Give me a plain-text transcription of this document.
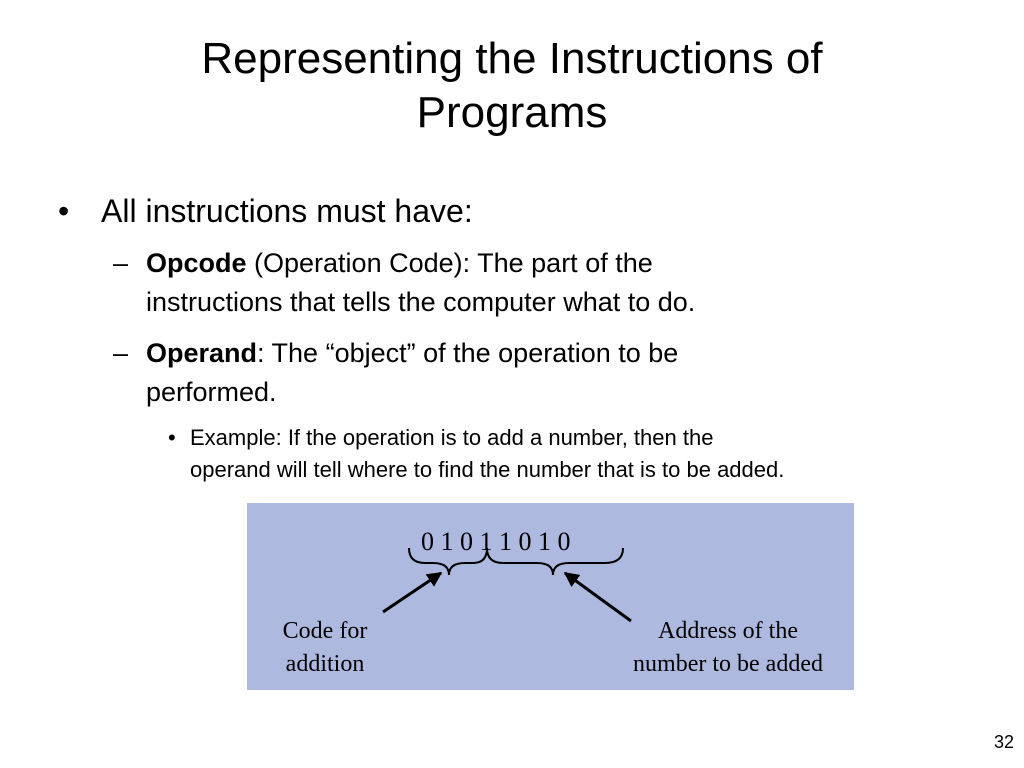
Representing the Instructions of
Programs
• All instructions must have:
– Opcode (Operation Code): The part of the
instructions that tells the computer what to do.
– Operand: The “object” of the operation to be
performed.
• Example: If the operation is to add a number, then the
operand will tell where to find the number that is to be added.
0 1 0 1 1 0 1 0
Code for
addition
Address of the
number to be added
32
